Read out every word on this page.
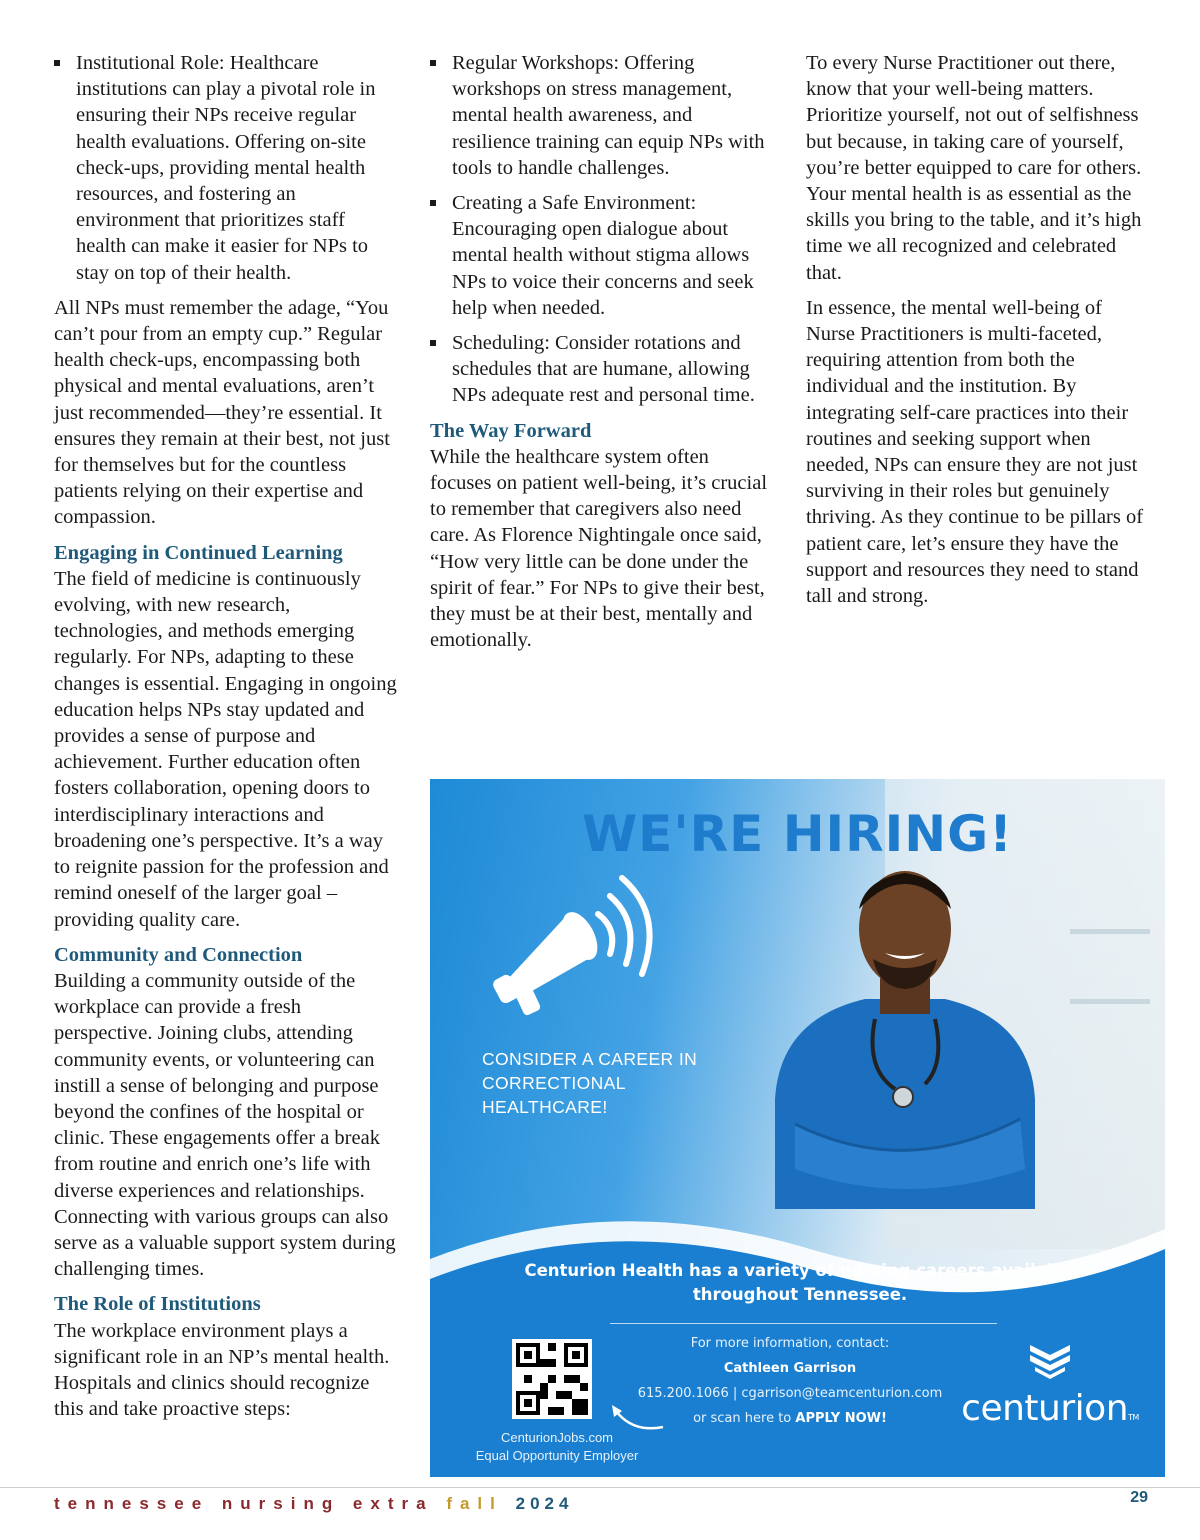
Institutional Role: Healthcare institutions can play a pivotal role in ensuring their NPs receive regular health evaluations. Offering on-site check-ups, providing mental health resources, and fostering an environment that prioritizes staff health can make it easier for NPs to stay on top of their health.

All NPs must remember the adage, “You can’t pour from an empty cup.” Regular health check-ups, encompassing both physical and mental evaluations, aren’t just recommended—they’re essential. It ensures they remain at their best, not just for themselves but for the countless patients relying on their expertise and compassion.

Engaging in Continued Learning

The field of medicine is continuously evolving, with new research, technologies, and methods emerging regularly. For NPs, adapting to these changes is essential. Engaging in ongoing education helps NPs stay updated and provides a sense of purpose and achievement. Further education often fosters collaboration, opening doors to interdisciplinary interactions and broadening one’s perspective. It’s a way to reignite passion for the profession and remind oneself of the larger goal – providing quality care.

Community and Connection

Building a community outside of the workplace can provide a fresh perspective. Joining clubs, attending community events, or volunteering can instill a sense of belonging and purpose beyond the confines of the hospital or clinic. These engagements offer a break from routine and enrich one’s life with diverse experiences and relationships. Connecting with various groups can also serve as a valuable support system during challenging times.

The Role of Institutions

The workplace environment plays a significant role in an NP’s mental health. Hospitals and clinics should recognize this and take proactive steps:

Regular Workshops: Offering workshops on stress management, mental health awareness, and resilience training can equip NPs with tools to handle challenges.
Creating a Safe Environment: Encouraging open dialogue about mental health without stigma allows NPs to voice their concerns and seek help when needed.
Scheduling: Consider rotations and schedules that are humane, allowing NPs adequate rest and personal time.
The Way Forward

While the healthcare system often focuses on patient well-being, it’s crucial to remember that caregivers also need care. As Florence Nightingale once said, “How very little can be done under the spirit of fear.” For NPs to give their best, they must be at their best, mentally and emotionally.

To every Nurse Practitioner out there, know that your well-being matters. Prioritize yourself, not out of selfishness but because, in taking care of yourself, you’re better equipped to care for others. Your mental health is as essential as the skills you bring to the table, and it’s high time we all recognized and celebrated that.

In essence, the mental well-being of Nurse Practitioners is multi-faceted, requiring attention from both the individual and the institution. By integrating self-care practices into their routines and seeking support when needed, NPs can ensure they are not just surviving in their roles but genuinely thriving. As they continue to be pillars of patient care, let’s ensure they have the support and resources they need to stand tall and strong.

WE'RE HIRING!
CONSIDER A CAREER IN CORRECTIONAL HEALTHCARE!
Centurion Health has a variety of nursing careers available throughout Tennessee.
CenturionJobs.com
Equal Opportunity Employer
For more information, contact:
Cathleen Garrison
615.200.1066 | cgarrison@teamcenturion.com
or scan here to APPLY NOW!	centurionTM
tennessee nursing extra fall 2024	29
